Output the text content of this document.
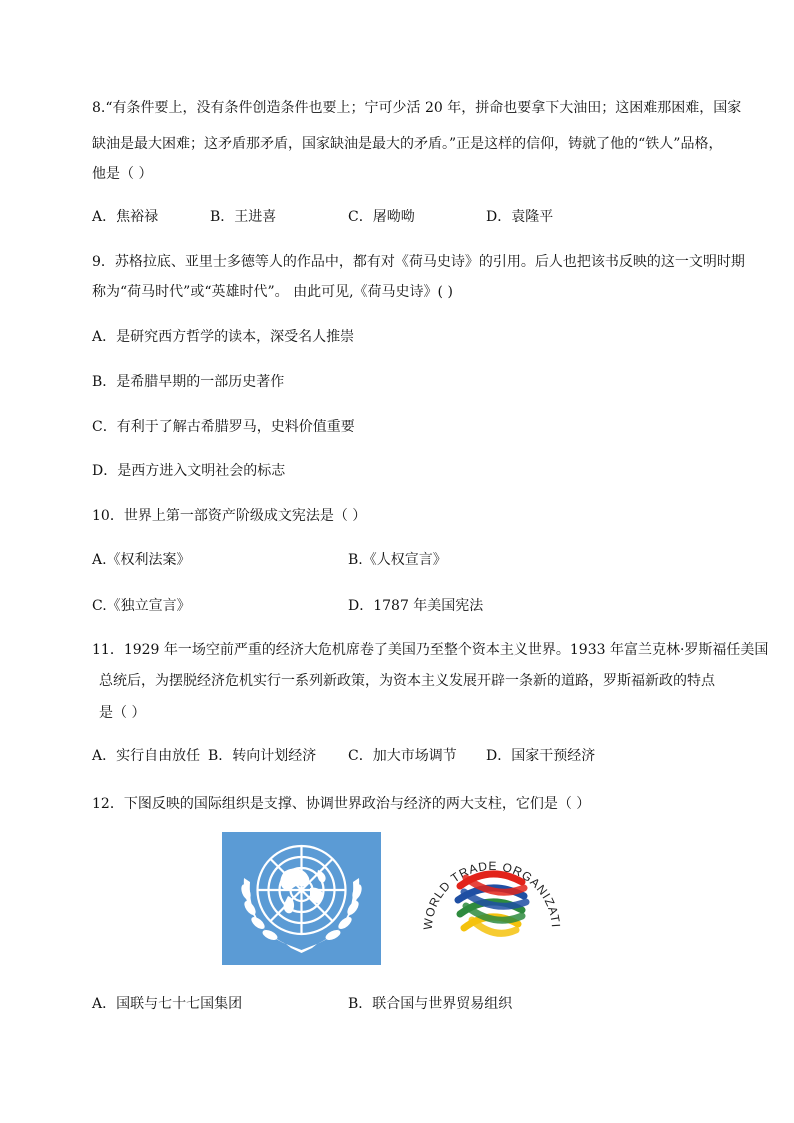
8.“有条件要上，没有条件创造条件也要上；宁可少活 20 年，拼命也要拿下大油田；这困难那困难，国家
缺油是最大困难；这矛盾那矛盾，国家缺油是最大的矛盾。”正是这样的信仰，铸就了他的“铁人”品格，
他是（ ）
A．焦裕禄	B．王进喜	C．屠呦呦	D．袁隆平
9．苏格拉底、亚里士多德等人的作品中，都有对《荷马史诗》的引用。后人也把该书反映的这一文明时期
称为“荷马时代”或“英雄时代”。 由此可见,《荷马史诗》( )
A．是研究西方哲学的读本，深受名人推崇
B．是希腊早期的一部历史著作
C．有利于了解古希腊罗马，史料价值重要
D．是西方进入文明社会的标志
10．世界上第一部资产阶级成文宪法是（ ）
A.《权利法案》	B.《人权宣言》
C.《独立宣言》	D．1787 年美国宪法
11．1929 年一场空前严重的经济大危机席卷了美国乃至整个资本主义世界。1933 年富兰克林·罗斯福任美国
总统后，为摆脱经济危机实行一系列新政策，为资本主义发展开辟一条新的道路，罗斯福新政的特点
是（ ）
A．实行自由放任 B．转向计划经济 C．加大市场调节 D．国家干预经济
12．下图反映的国际组织是支撑、协调世界政治与经济的两大支柱，它们是（ ）
WORLD TRADE ORGANIZATI
A．国联与七十七国集团	B．联合国与世界贸易组织
